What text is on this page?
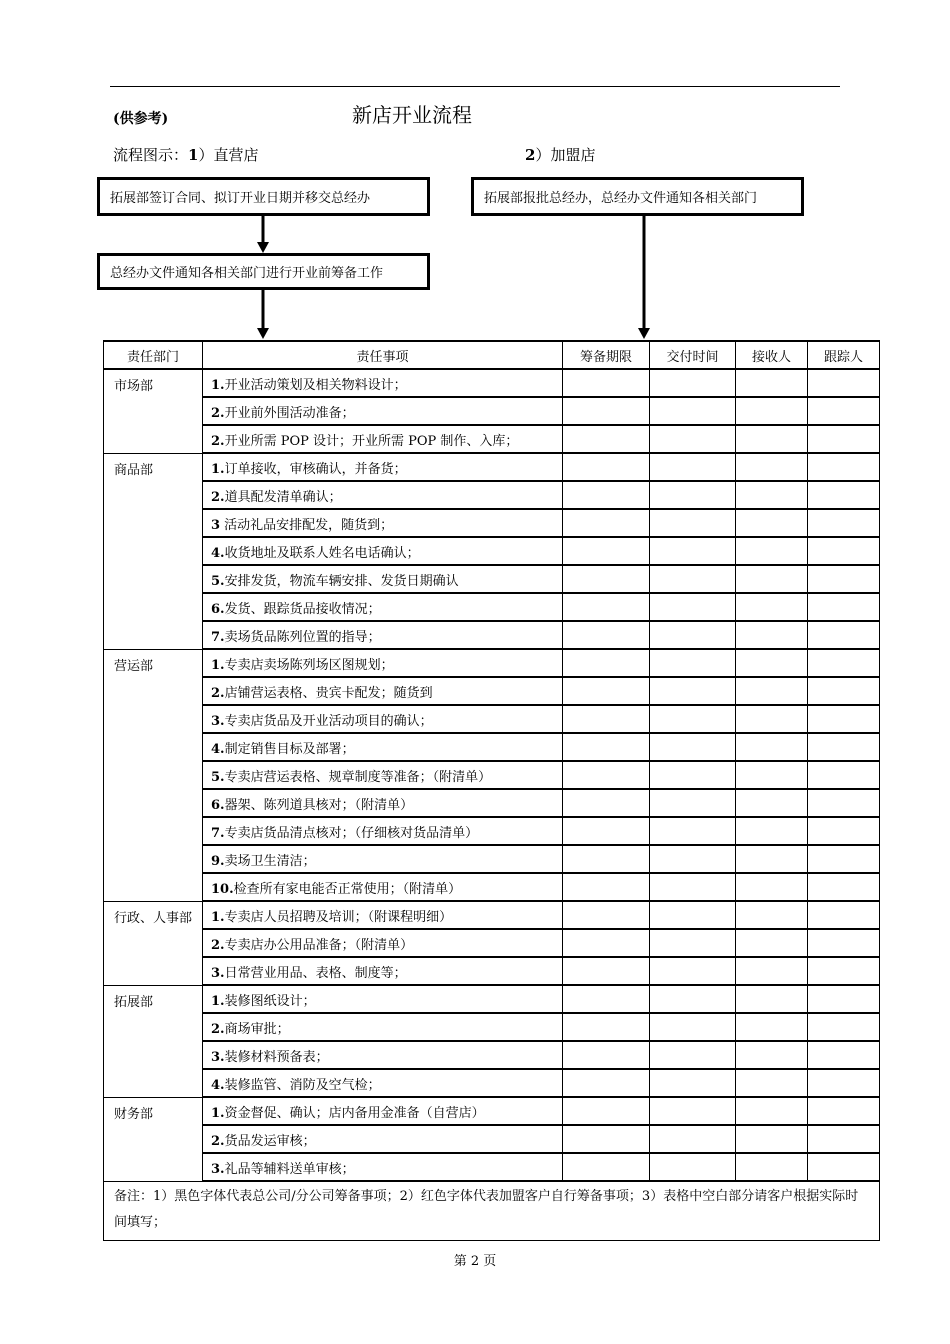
(供参考)	新店开业流程
流程图示：1）直营店	2）加盟店
拓展部签订合同、拟订开业日期并移交总经办
总经办文件通知各相关部门进行开业前筹备工作
拓展部报批总经办，总经办文件通知各相关部门
责任部门	责任事项	筹备期限	交付时间	接收人	跟踪人
市场部	1.开业活动策划及相关物料设计；				
	2.开业前外围活动准备；				
	2.开业所需 POP 设计；开业所需 POP 制作、入库；				
商品部	1.订单接收，审核确认，并备货；				
	2.道具配发清单确认；				
	3 活动礼品安排配发，随货到；				
	4.收货地址及联系人姓名电话确认；				
	5.安排发货，物流车辆安排、发货日期确认				
	6.发货、跟踪货品接收情况；				
	7.卖场货品陈列位置的指导；				
营运部	1.专卖店卖场陈列场区图规划；				
	2.店铺营运表格、贵宾卡配发；随货到				
	3.专卖店货品及开业活动项目的确认；				
	4.制定销售目标及部署；				
	5.专卖店营运表格、规章制度等准备；（附清单）				
	6.器架、陈列道具核对；（附清单）				
	7.专卖店货品清点核对；（仔细核对货品清单）				
	9.卖场卫生清洁；				
	10.检查所有家电能否正常使用；（附清单）				
行政、人事部	1.专卖店人员招聘及培训；（附课程明细）				
	2.专卖店办公用品准备；（附清单）				
	3.日常营业用品、表格、制度等；				
拓展部	1.装修图纸设计；				
	2.商场审批；				
	3.装修材料预备表；				
	4.装修监管、消防及空气检；				
财务部	1.资金督促、确认；店内备用金准备（自营店）				
	2.货品发运审核；				
	3.礼品等辅料送单审核；				
备注：1）黑色字体代表总公司/分公司筹备事项；2）红色字体代表加盟客户自行筹备事项；3）表格中空白部分请客户根据实际时间填写；					
第 2 页
